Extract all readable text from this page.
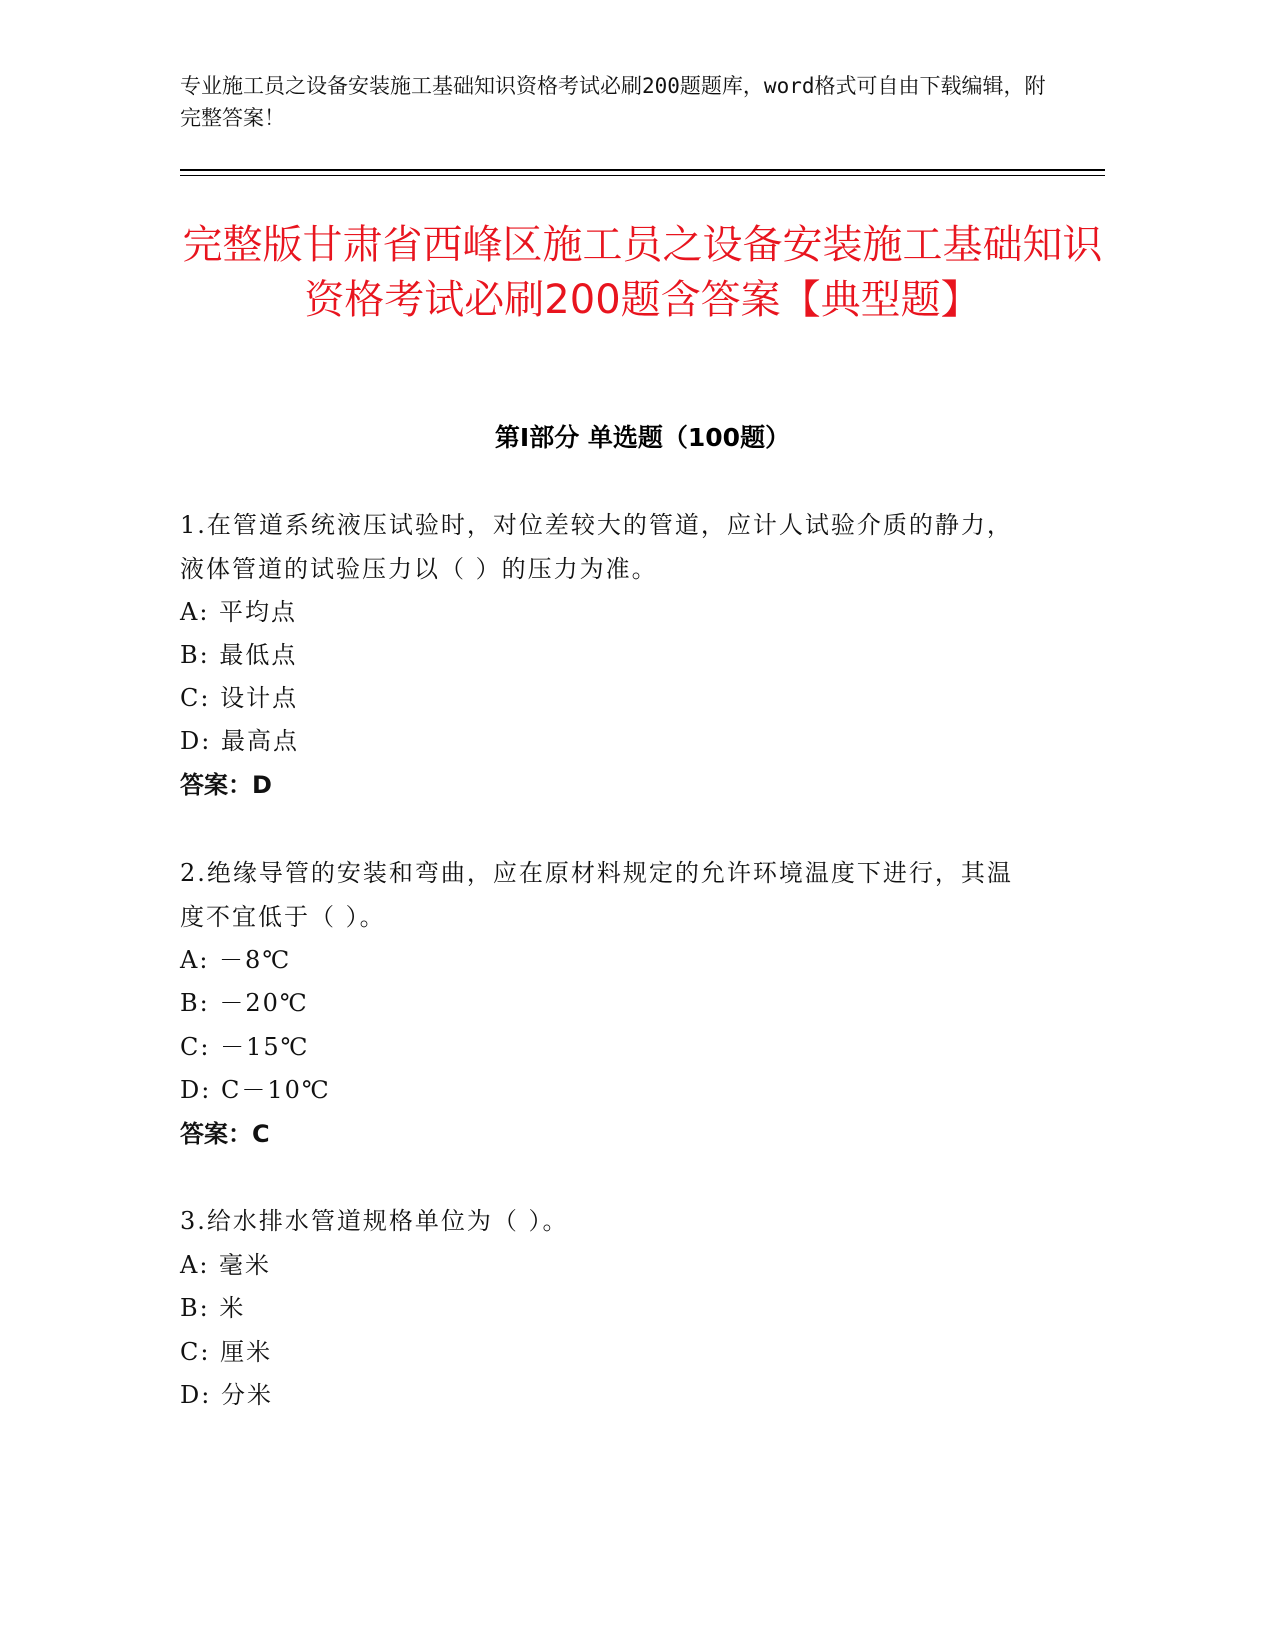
专业施工员之设备安装施工基础知识资格考试必刷200题题库，word格式可自由下载编辑，附完整答案！
完整版甘肃省西峰区施工员之设备安装施工基础知识资格考试必刷200题含答案【典型题】
第I部分 单选题（100题）
1.在管道系统液压试验时，对位差较大的管道，应计人试验介质的静力，液体管道的试验压力以（ ）的压力为准。
A: 平均点
B: 最低点
C: 设计点
D: 最高点
答案：D
2.绝缘导管的安装和弯曲，应在原材料规定的允许环境温度下进行，其温度不宜低于（ ）。
A: －8℃
B: －20℃
C: －15℃
D: C－10℃
答案：C
3.给水排水管道规格单位为（ ）。
A: 毫米
B: 米
C: 厘米
D: 分米
